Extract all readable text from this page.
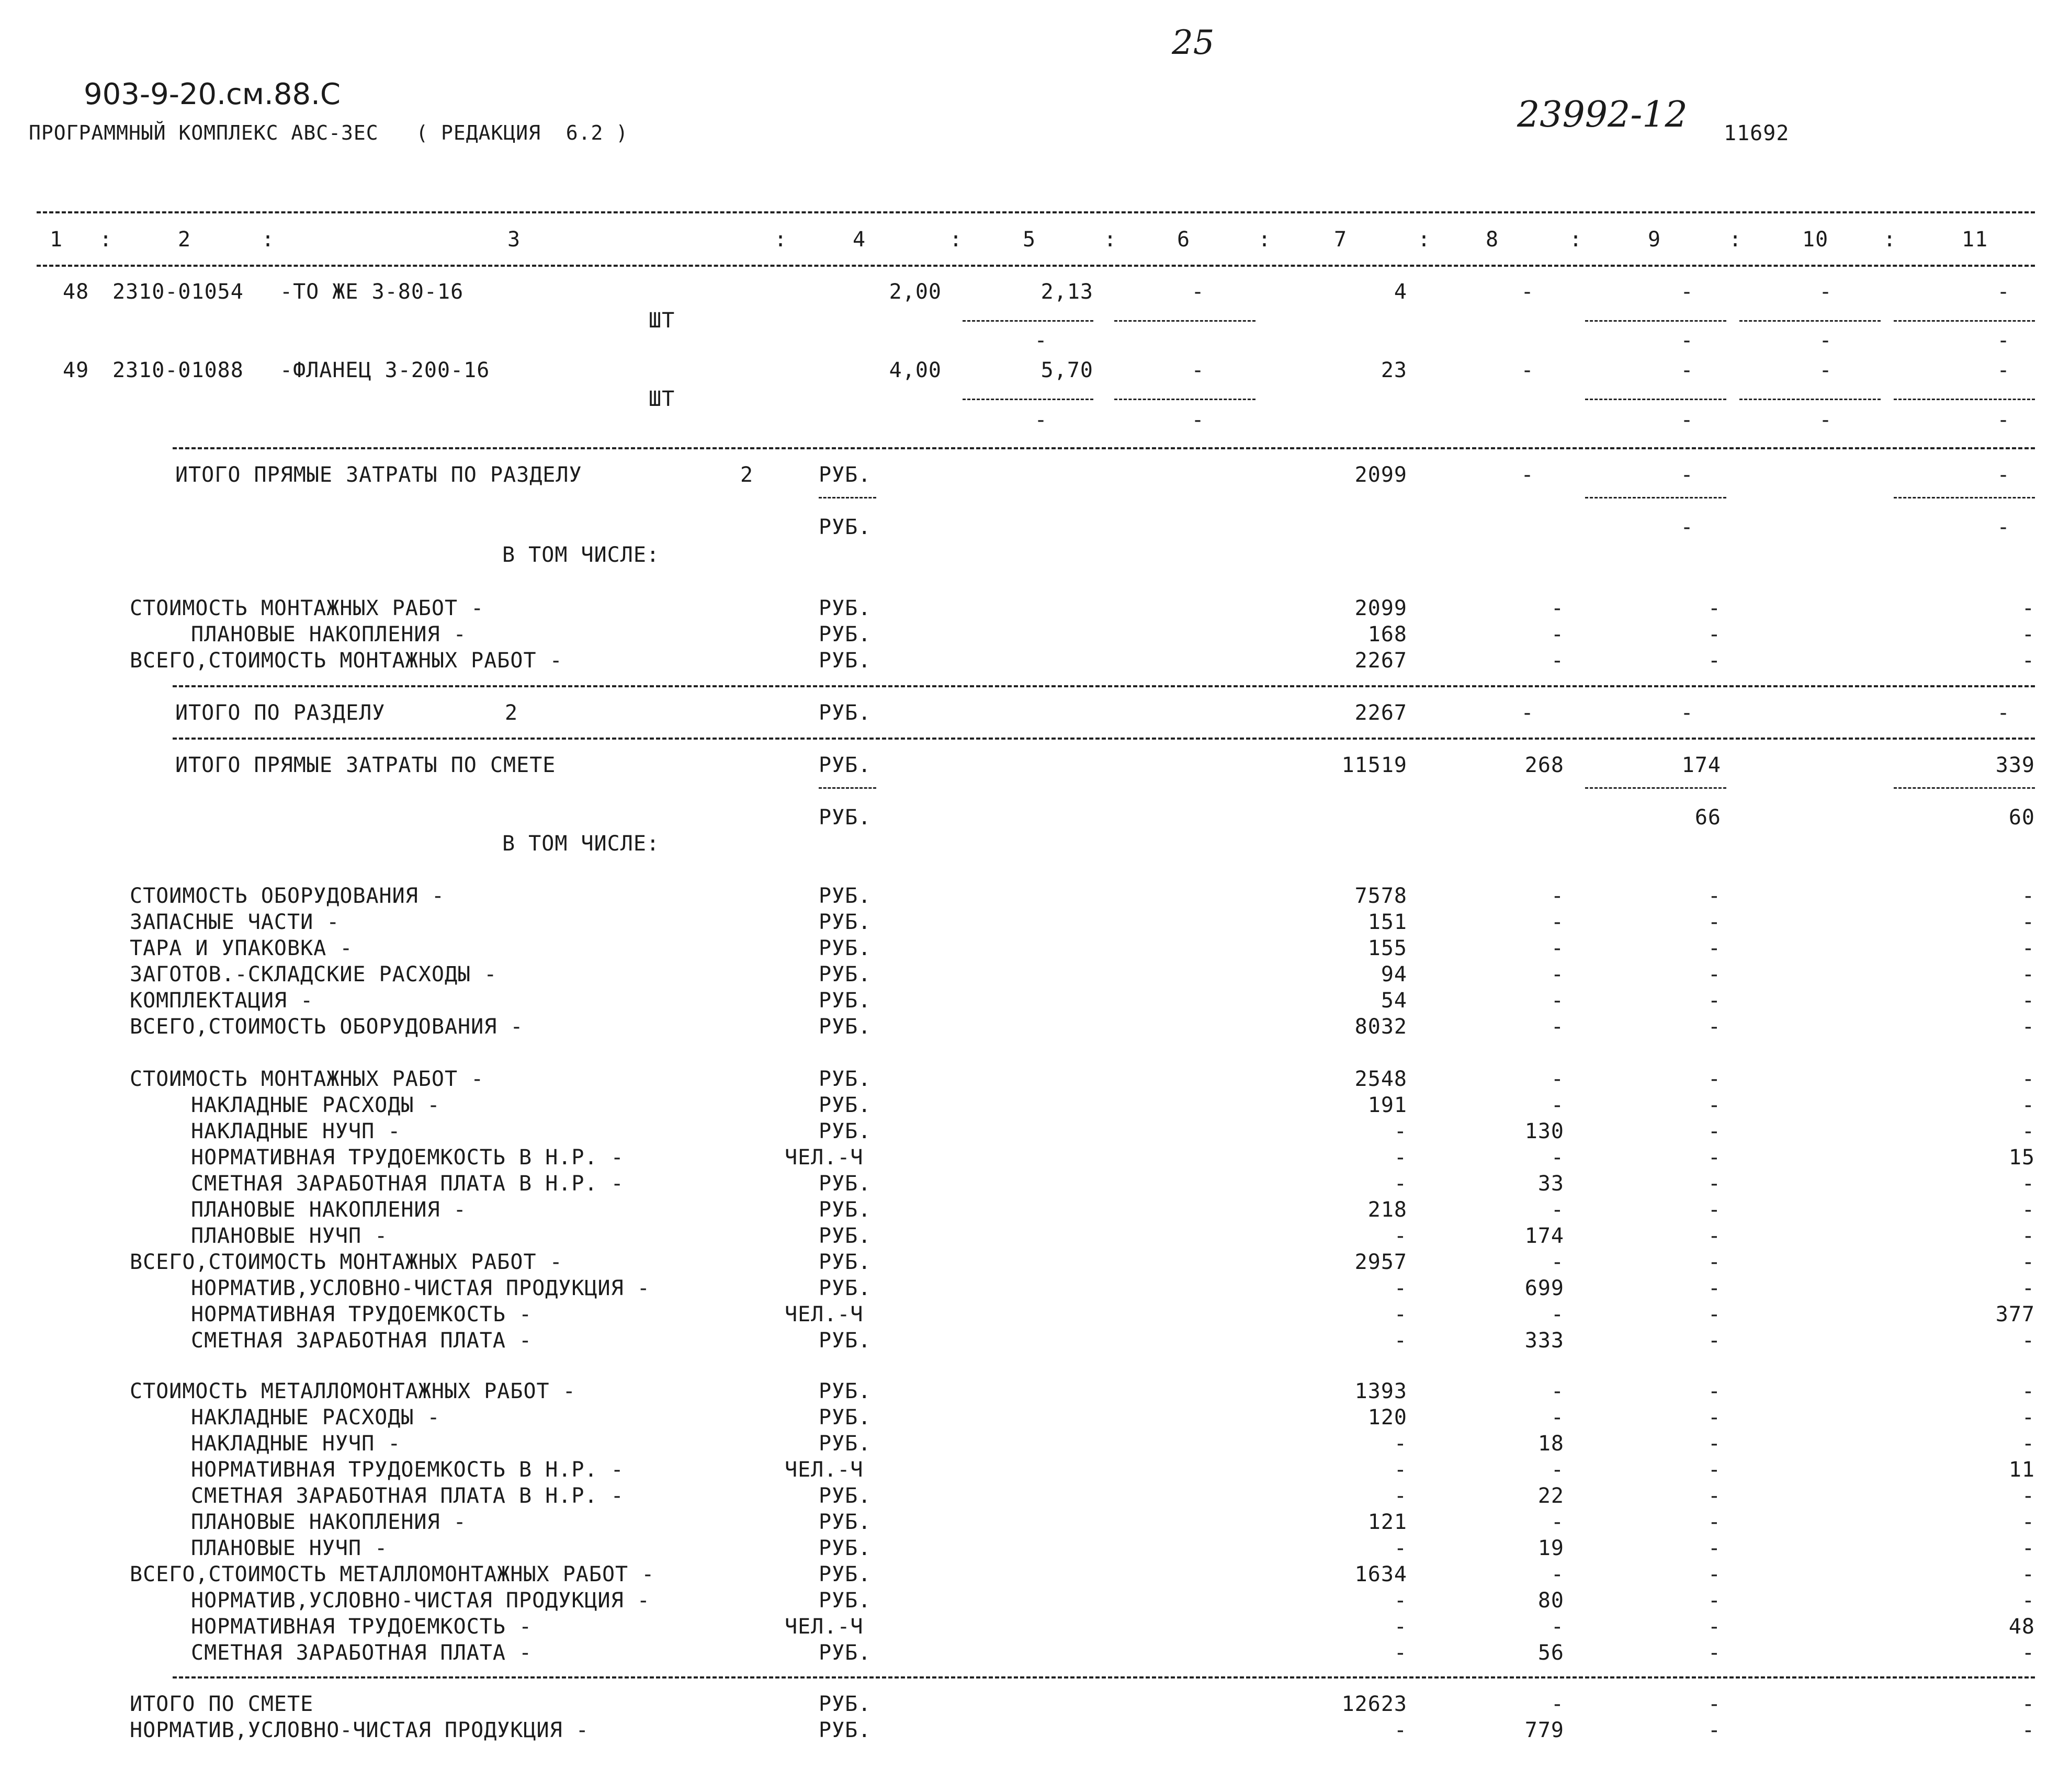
25
903-9-20.см.88.С
ПРОГРАММНЫЙ КОМПЛЕКС АВС-3ЕС   ( РЕДАКЦИЯ  6.2 )	23992-12 11692
1 :	2	:	3	:	4	:	5	:	6	:	7	:	8	:	9	:	10	:	11
48 2310-01054 -ТО ЖЕ 3-80-16	2,00	2,13	-	4	-	-	-	-
ШТ
-	-	-	-
49 2310-01088 -ФЛАНЕЦ 3-200-16	4,00	5,70	-	23	-	-	-	-
ШТ
-	-	-	-	-
ИТОГО ПРЯМЫЕ ЗАТРАТЫ ПО РАЗДЕЛУ	2	РУБ.	2099	-	-	-
РУБ.	-	-
В ТОМ ЧИСЛЕ:
СТОИМОСТЬ МОНТАЖНЫХ РАБОТ -	РУБ.	2099	-	-	-
ПЛАНОВЫЕ НАКОПЛЕНИЯ -	РУБ.	168	-	-	-
ВСЕГО,СТОИМОСТЬ МОНТАЖНЫХ РАБОТ -	РУБ.	2267	-	-	-
ИТОГО ПО РАЗДЕЛУ	2	РУБ.	2267	-	-	-
ИТОГО ПРЯМЫЕ ЗАТРАТЫ ПО СМЕТЕ	РУБ.	11519	268	174	339
РУБ.	66	60
В ТОМ ЧИСЛЕ:
СТОИМОСТЬ ОБОРУДОВАНИЯ -	РУБ.	7578	-	-	-
ЗАПАСНЫЕ ЧАСТИ -	РУБ.	151	-	-	-
ТАРА И УПАКОВКА -	РУБ.	155	-	-	-
ЗАГОТОВ.-СКЛАДСКИЕ РАСХОДЫ -	РУБ.	94	-	-	-
КОМПЛЕКТАЦИЯ -	РУБ.	54	-	-	-
ВСЕГО,СТОИМОСТЬ ОБОРУДОВАНИЯ -	РУБ.	8032	-	-	-
СТОИМОСТЬ МОНТАЖНЫХ РАБОТ -	РУБ.	2548	-	-	-
НАКЛАДНЫЕ РАСХОДЫ -	РУБ.	191	-	-	-
НАКЛАДНЫЕ НУЧП -	РУБ.	-	130	-	-
НОРМАТИВНАЯ ТРУДОЕМКОСТЬ В Н.Р. -	ЧЕЛ.-Ч	-	-	-	15
СМЕТНАЯ ЗАРАБОТНАЯ ПЛАТА В Н.Р. -	РУБ.	-	33	-	-
ПЛАНОВЫЕ НАКОПЛЕНИЯ -	РУБ.	218	-	-	-
ПЛАНОВЫЕ НУЧП -	РУБ.	-	174	-	-
ВСЕГО,СТОИМОСТЬ МОНТАЖНЫХ РАБОТ -	РУБ.	2957	-	-	-
НОРМАТИВ,УСЛОВНО-ЧИСТАЯ ПРОДУКЦИЯ -	РУБ.	-	699	-	-
НОРМАТИВНАЯ ТРУДОЕМКОСТЬ -	ЧЕЛ.-Ч	-	-	-	377
СМЕТНАЯ ЗАРАБОТНАЯ ПЛАТА -	РУБ.	-	333	-	-
СТОИМОСТЬ МЕТАЛЛОМОНТАЖНЫХ РАБОТ -	РУБ.	1393	-	-	-
НАКЛАДНЫЕ РАСХОДЫ -	РУБ.	120	-	-	-
НАКЛАДНЫЕ НУЧП -	РУБ.	-	18	-	-
НОРМАТИВНАЯ ТРУДОЕМКОСТЬ В Н.Р. -	ЧЕЛ.-Ч	-	-	-	11
СМЕТНАЯ ЗАРАБОТНАЯ ПЛАТА В Н.Р. -	РУБ.	-	22	-	-
ПЛАНОВЫЕ НАКОПЛЕНИЯ -	РУБ.	121	-	-	-
ПЛАНОВЫЕ НУЧП -	РУБ.	-	19	-	-
ВСЕГО,СТОИМОСТЬ МЕТАЛЛОМОНТАЖНЫХ РАБОТ -	РУБ.	1634	-	-	-
НОРМАТИВ,УСЛОВНО-ЧИСТАЯ ПРОДУКЦИЯ -	РУБ.	-	80	-	-
НОРМАТИВНАЯ ТРУДОЕМКОСТЬ -	ЧЕЛ.-Ч	-	-	-	48
СМЕТНАЯ ЗАРАБОТНАЯ ПЛАТА -	РУБ.	-	56	-	-
ИТОГО ПО СМЕТЕ	РУБ.	12623	-	-	-
НОРМАТИВ,УСЛОВНО-ЧИСТАЯ ПРОДУКЦИЯ -	РУБ.	-	779	-	-
